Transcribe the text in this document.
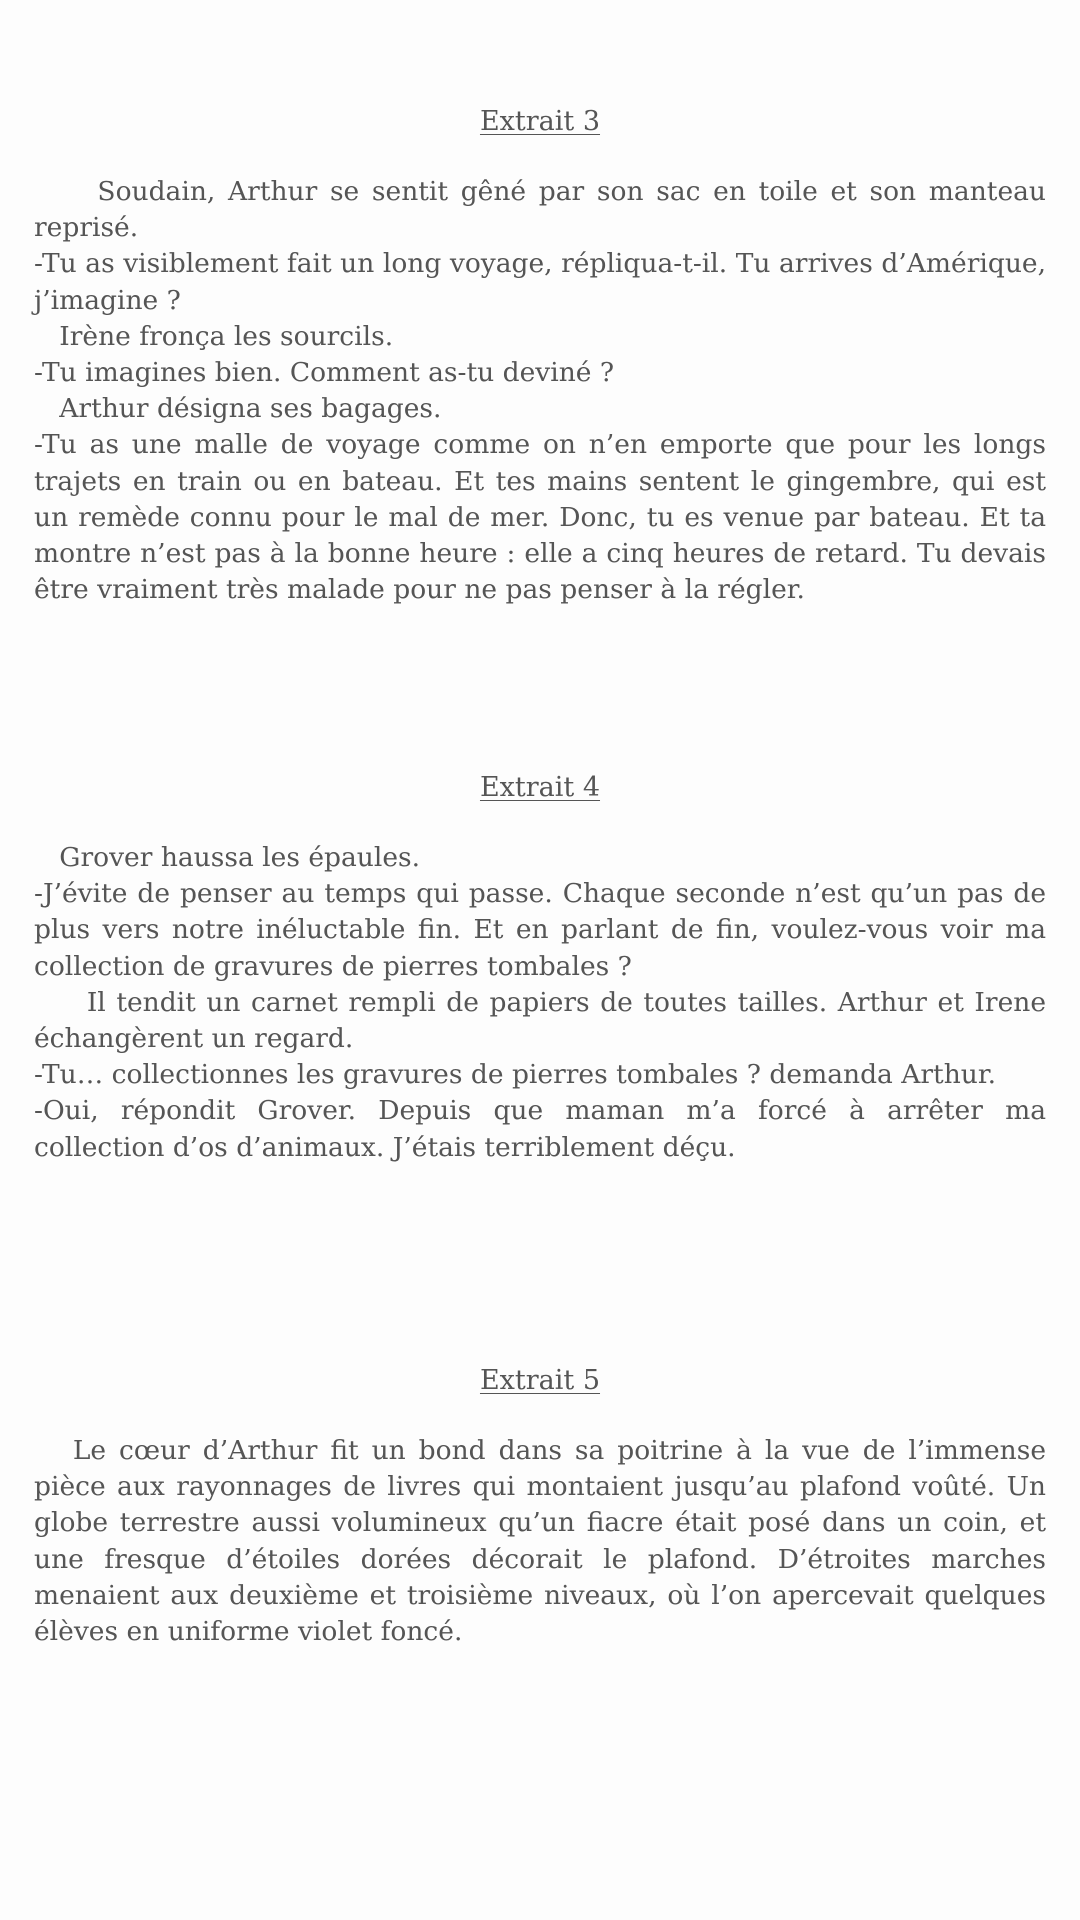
Extrait 3

Soudain, Arthur se sentit gêné par son sac en toile et son manteau reprisé.

-Tu as visiblement fait un long voyage, répliqua-t-il. Tu arrives d’Amérique, j’imagine ?

Irène fronça les sourcils.

-Tu imagines bien. Comment as-tu deviné ?

Arthur désigna ses bagages.

-Tu as une malle de voyage comme on n’en emporte que pour les longs trajets en train ou en bateau. Et tes mains sentent le gingembre, qui est un remède connu pour le mal de mer. Donc, tu es venue par bateau. Et ta montre n’est pas à la bonne heure : elle a cinq heures de retard. Tu devais être vraiment très malade pour ne pas penser à la régler.

Extrait 4

Grover haussa les épaules.

-J’évite de penser au temps qui passe. Chaque seconde n’est qu’un pas de plus vers notre inéluctable fin. Et en parlant de fin, voulez-vous voir ma collection de gravures de pierres tombales ?

Il tendit un carnet rempli de papiers de toutes tailles. Arthur et Irene échangèrent un regard.

-Tu… collectionnes les gravures de pierres tombales ? demanda Arthur.

-Oui, répondit Grover. Depuis que maman m’a forcé à arrêter ma collection d’os d’animaux. J’étais terriblement déçu.

Extrait 5

Le cœur d’Arthur fit un bond dans sa poitrine à la vue de l’immense pièce aux rayonnages de livres qui montaient jusqu’au plafond voûté. Un globe terrestre aussi volumineux qu’un fiacre était posé dans un coin, et une fresque d’étoiles dorées décorait le plafond. D’étroites marches menaient aux deuxième et troisième niveaux, où l’on apercevait quelques élèves en uniforme violet foncé.
